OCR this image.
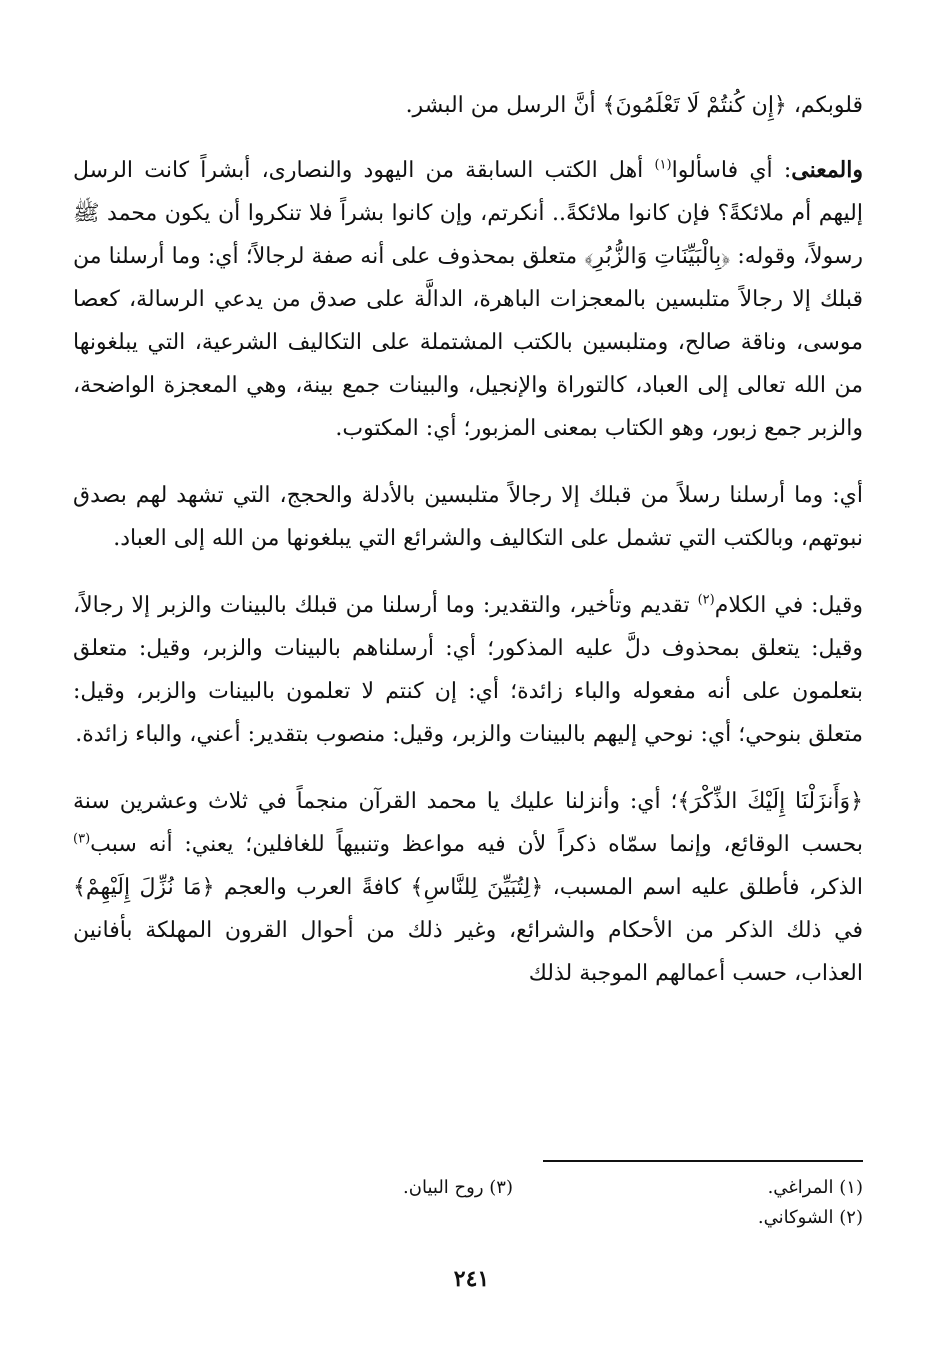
قلوبكم، ﴿إِن كُنتُمْ لَا تَعْلَمُونَ﴾ أنَّ الرسل من البشر.

والمعنى: أي فاسألوا$^{(١)}$ أهل الكتب السابقة من اليهود والنصارى، أبشراً كانت الرسل إليهم أم ملائكةً؟ فإن كانوا ملائكةً.. أنكرتم، وإن كانوا بشراً فلا تنكروا أن يكون محمد ﷺ رسولاً، وقوله: ﴿بِالْبَيِّنَاتِ وَالزُّبُرِ﴾ متعلق بمحذوف على أنه صفة لرجالاً؛ أي: وما أرسلنا من قبلك إلا رجالاً متلبسين بالمعجزات الباهرة، الدالَّة على صدق من يدعي الرسالة، كعصا موسى، وناقة صالح، ومتلبسين بالكتب المشتملة على التكاليف الشرعية، التي يبلغونها من الله تعالى إلى العباد، كالتوراة والإنجيل، والبينات جمع بينة، وهي المعجزة الواضحة، والزبر جمع زبور، وهو الكتاب بمعنى المزبور؛ أي: المكتوب.

أي: وما أرسلنا رسلاً من قبلك إلا رجالاً متلبسين بالأدلة والحجج، التي تشهد لهم بصدق نبوتهم، وبالكتب التي تشمل على التكاليف والشرائع التي يبلغونها من الله إلى العباد.

وقيل: في الكلام$^{(٢)}$ تقديم وتأخير، والتقدير: وما أرسلنا من قبلك بالبينات والزبر إلا رجالاً، وقيل: يتعلق بمحذوف دلَّ عليه المذكور؛ أي: أرسلناهم بالبينات والزبر، وقيل: متعلق بتعلمون على أنه مفعوله والباء زائدة؛ أي: إن كنتم لا تعلمون بالبينات والزبر، وقيل: متعلق بنوحي؛ أي: نوحي إليهم بالبينات والزبر، وقيل: منصوب بتقدير: أعني، والباء زائدة.

﴿وَأَنزَلْنَا إِلَيْكَ الذِّكْرَ﴾؛ أي: وأنزلنا عليك يا محمد القرآن منجماً في ثلاث وعشرين سنة بحسب الوقائع، وإنما سمّاه ذكراً لأن فيه مواعظ وتنبيهاً للغافلين؛ يعني: أنه سبب$^{(٣)}$ الذكر، فأطلق عليه اسم المسبب، ﴿لِتُبَيِّنَ لِلنَّاسِ﴾ كافةً العرب والعجم ﴿مَا نُزِّلَ إِلَيْهِمْ﴾ في ذلك الذكر من الأحكام والشرائع، وغير ذلك من أحوال القرون المهلكة بأفانين العذاب، حسب أعمالهم الموجبة لذلك

(١) المراغي.
(٣) روح البيان.
(٢) الشوكاني.
٢٤١
